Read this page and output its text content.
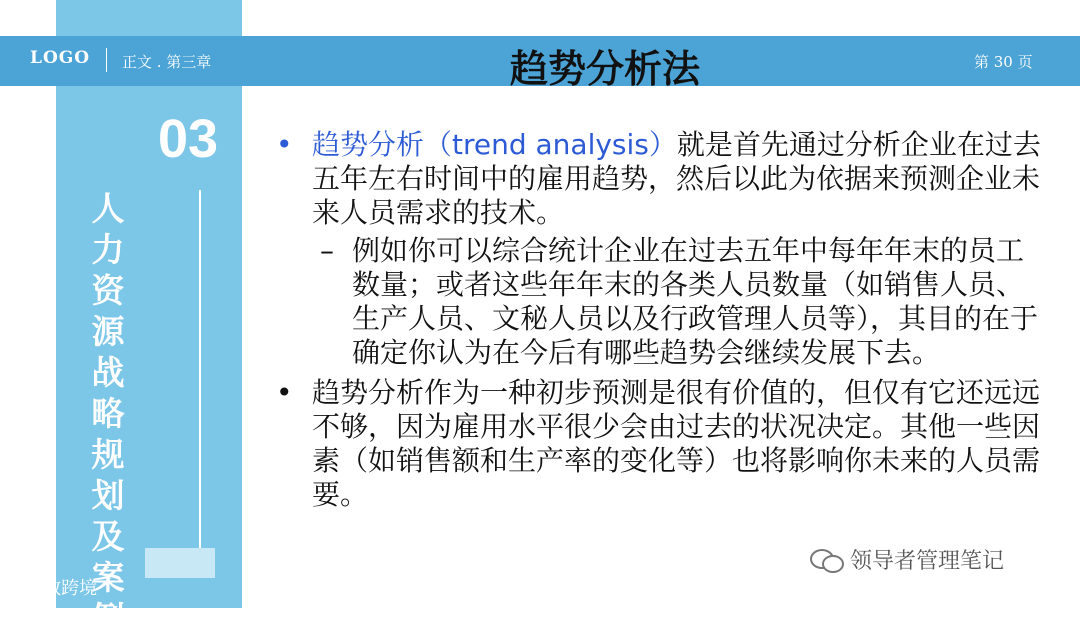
LOGO 正文 . 第三章	趋势分析法	第 30 页
03
人力资源战略规划及案例

• 趋势分析（trend analysis）就是首先通过分析企业在过去五年左右时间中的雇用趋势，然后以此为依据来预测企业未来人员需求的技术。

– 例如你可以综合统计企业在过去五年中每年年末的员工数量；或者这些年年末的各类人员数量（如销售人员、生产人员、文秘人员以及行政管理人员等），其目的在于确定你认为在今后有哪些趋势会继续发展下去。

• 趋势分析作为一种初步预测是很有价值的，但仅有它还远远不够，因为雇用水平很少会由过去的状况决定。其他一些因素（如销售额和生产率的变化等）也将影响你未来的人员需要。

领导者管理笔记
K 大数跨境
